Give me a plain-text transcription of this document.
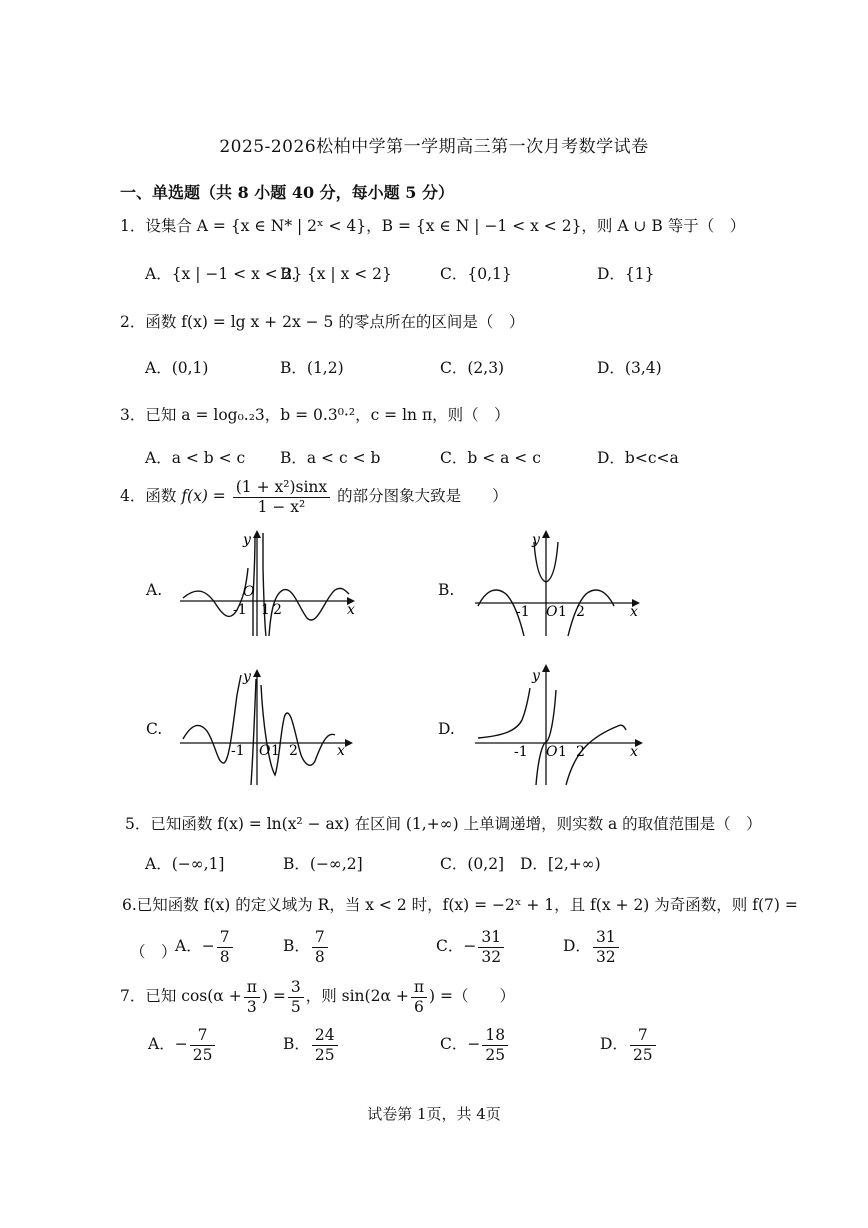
2025-2026松柏中学第一学期高三第一次月考数学试卷
一、单选题（共 8 小题 40 分，每小题 5 分）
1．设集合 A = {x ∈ N* | 2ˣ < 4}，B = {x ∈ N | −1 < x < 2}，则 A ∪ B 等于（　）
A．{x | −1 < x < 2}
B．{x | x < 2}	C．{0,1}	D．{1}
2．函数 f(x) = lg x + 2x − 5 的零点所在的区间是（　）
A．(0,1)	B．(1,2)	C．(2,3)	D．(3,4)
3．已知 a = log₀.₂3，b = 0.3⁰·²，c = ln π，则（　）
A．a < b < c B．a < c < b	C．b < a < c	D．b<c<a
4．函数 $f(x) = \frac{\text{(1 + x²)sinx}}{\text{1 − x²}}$ 的部分图象大致是　　）
A.
y
x
O
-1 1 2
B.
y
x
-1 O 1 2
C.
y
x
-1 O 1 2
D.
y
x
-1 O 1 2
5．已知函数 f(x) = ln(x² − ax) 在区间 (1,+∞) 上单调递增，则实数 a 的取值范围是（　）
A．(−∞,1]	B．(−∞,2]	C．(0,2] D．[2,+∞)
6.已知函数 f(x) 的定义域为 R，当 x < 2 时，f(x) = −2ˣ + 1，且 f(x + 2) 为奇函数，则 f(7) =
（　）
A．− $\frac{7}{8}$	B． $\frac{7}{8}$	C．− $\frac{31}{32}$	D． $\frac{31}{32}$
7．已知 $\cos(\alpha + \frac{\pi}{3}$ ) = $\frac{3}{5}$ ，则 $\sin(2\alpha + \frac{\pi}{6}$ ) =（　　）
A．− $\frac{7}{25}$	B． $\frac{24}{25}$	C．− $\frac{18}{25}$	D． $\frac{7}{25}$
试卷第 1页，共 4页
